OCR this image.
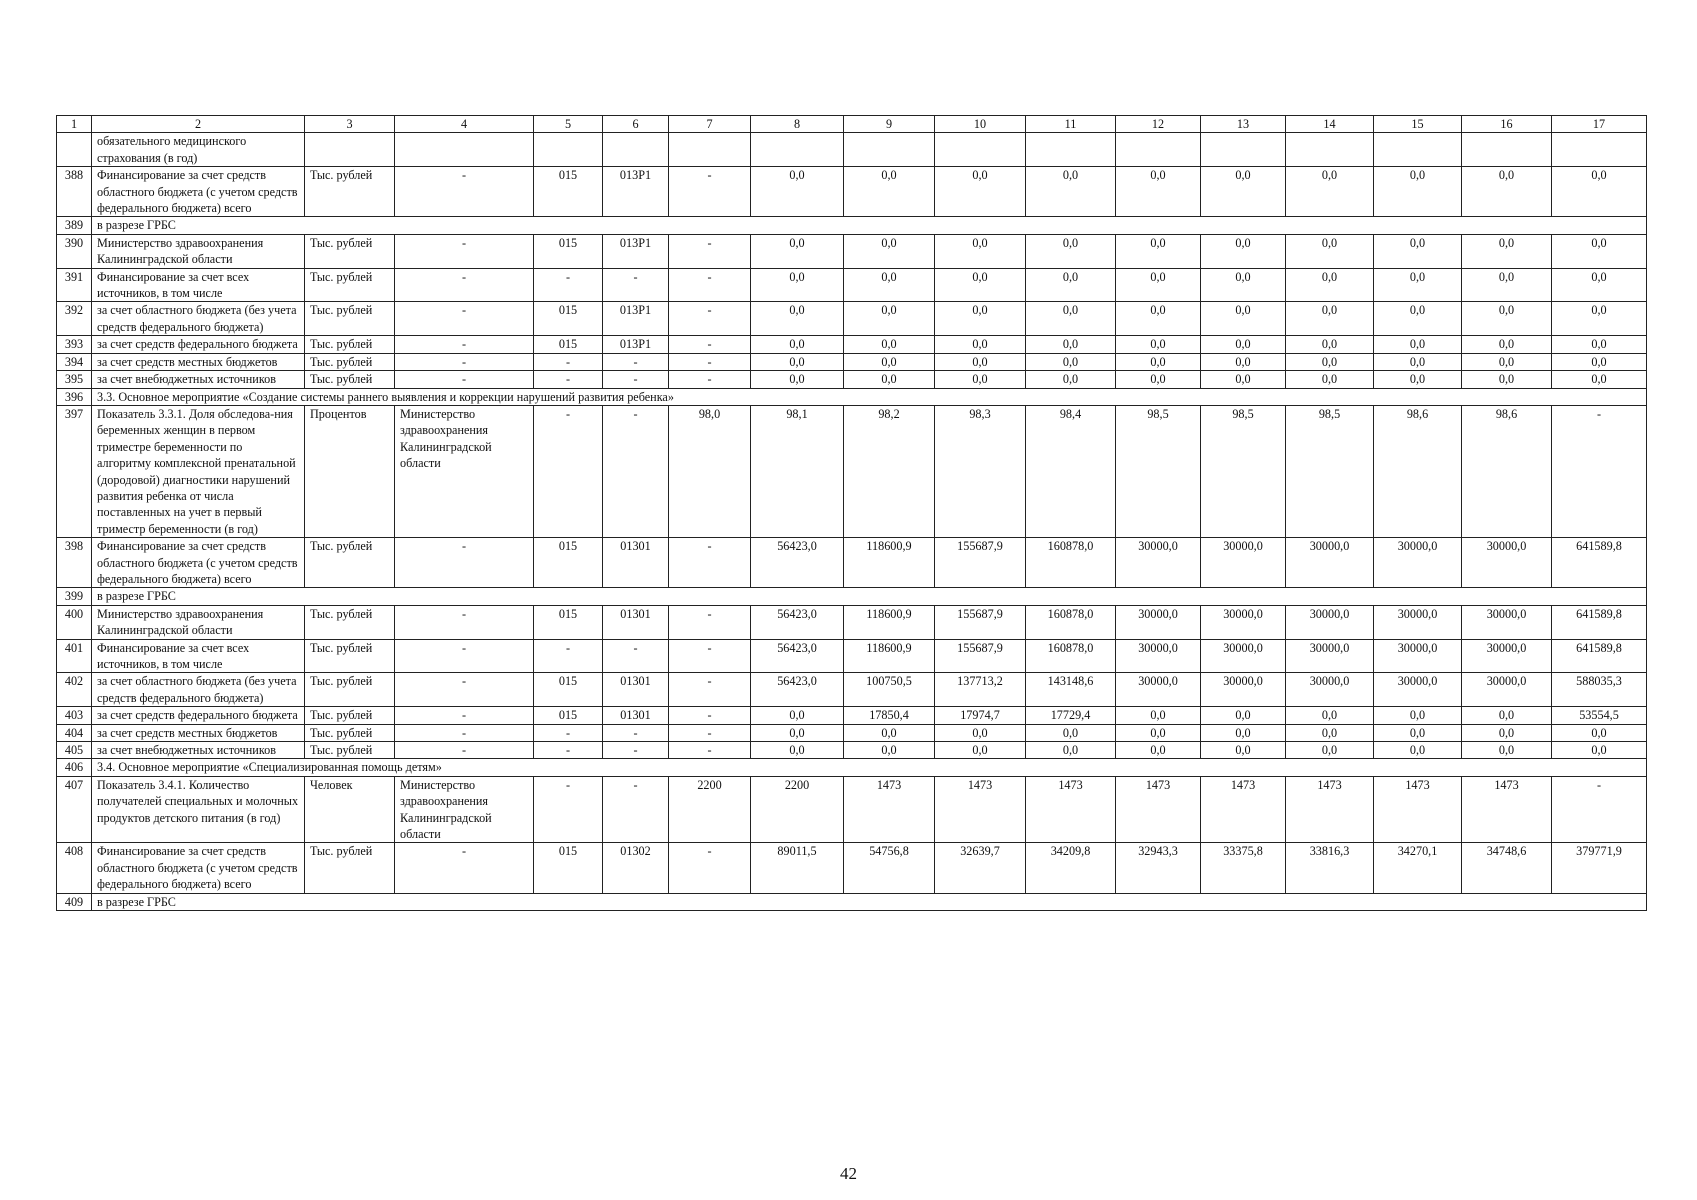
1	2	3	4	5	6	7	8	9	10	11	12	13	14	15	16	17
	обязательного медицинского страхования (в год)															
388	Финансирование за счет средств областного бюджета (с учетом средств федерального бюджета) всего	Тыс. рублей	-	015	013P1	-	0,0	0,0	0,0	0,0	0,0	0,0	0,0	0,0	0,0	0,0
389	в разрезе ГРБС															
390	Министерство здравоохранения Калининградской области	Тыс. рублей	-	015	013P1	-	0,0	0,0	0,0	0,0	0,0	0,0	0,0	0,0	0,0	0,0
391	Финансирование за счет всех источников, в том числе	Тыс. рублей	-	-	-	-	0,0	0,0	0,0	0,0	0,0	0,0	0,0	0,0	0,0	0,0
392	за счет областного бюджета (без учета средств федерального бюджета)	Тыс. рублей	-	015	013P1	-	0,0	0,0	0,0	0,0	0,0	0,0	0,0	0,0	0,0	0,0
393	за счет средств федерального бюджета	Тыс. рублей	-	015	013P1	-	0,0	0,0	0,0	0,0	0,0	0,0	0,0	0,0	0,0	0,0
394	за счет средств местных бюджетов	Тыс. рублей	-	-	-	-	0,0	0,0	0,0	0,0	0,0	0,0	0,0	0,0	0,0	0,0
395	за счет внебюджетных источников	Тыс. рублей	-	-	-	-	0,0	0,0	0,0	0,0	0,0	0,0	0,0	0,0	0,0	0,0
396	3.3. Основное мероприятие «Создание системы раннего выявления и коррекции нарушений развития ребенка»															
397	Показатель 3.3.1. Доля обследова-ния беременных женщин в первом триместре беременности по алгоритму комплексной пренатальной (дородовой) диагностики нарушений развития ребенка от числа поставленных на учет в первый триместр беременности (в год)	Процентов	Министерство здравоохранения Калининградской области	-	-	98,0	98,1	98,2	98,3	98,4	98,5	98,5	98,5	98,6	98,6	-
398	Финансирование за счет средств областного бюджета (с учетом средств федерального бюджета) всего	Тыс. рублей	-	015	01301	-	56423,0	118600,9	155687,9	160878,0	30000,0	30000,0	30000,0	30000,0	30000,0	641589,8
399	в разрезе ГРБС															
400	Министерство здравоохранения Калининградской области	Тыс. рублей	-	015	01301	-	56423,0	118600,9	155687,9	160878,0	30000,0	30000,0	30000,0	30000,0	30000,0	641589,8
401	Финансирование за счет всех источников, в том числе	Тыс. рублей	-	-	-	-	56423,0	118600,9	155687,9	160878,0	30000,0	30000,0	30000,0	30000,0	30000,0	641589,8
402	за счет областного бюджета (без учета средств федерального бюджета)	Тыс. рублей	-	015	01301	-	56423,0	100750,5	137713,2	143148,6	30000,0	30000,0	30000,0	30000,0	30000,0	588035,3
403	за счет средств федерального бюджета	Тыс. рублей	-	015	01301	-	0,0	17850,4	17974,7	17729,4	0,0	0,0	0,0	0,0	0,0	53554,5
404	за счет средств местных бюджетов	Тыс. рублей	-	-	-	-	0,0	0,0	0,0	0,0	0,0	0,0	0,0	0,0	0,0	0,0
405	за счет внебюджетных источников	Тыс. рублей	-	-	-	-	0,0	0,0	0,0	0,0	0,0	0,0	0,0	0,0	0,0	0,0
406	3.4. Основное мероприятие «Специализированная помощь детям»															
407	Показатель 3.4.1. Количество получателей специальных и молочных продуктов детского питания (в год)	Человек	Министерство здравоохранения Калининградской области	-	-	2200	2200	1473	1473	1473	1473	1473	1473	1473	1473	-
408	Финансирование за счет средств областного бюджета (с учетом средств федерального бюджета) всего	Тыс. рублей	-	015	01302	-	89011,5	54756,8	32639,7	34209,8	32943,3	33375,8	33816,3	34270,1	34748,6	379771,9
409	в разрезе ГРБС															
42
